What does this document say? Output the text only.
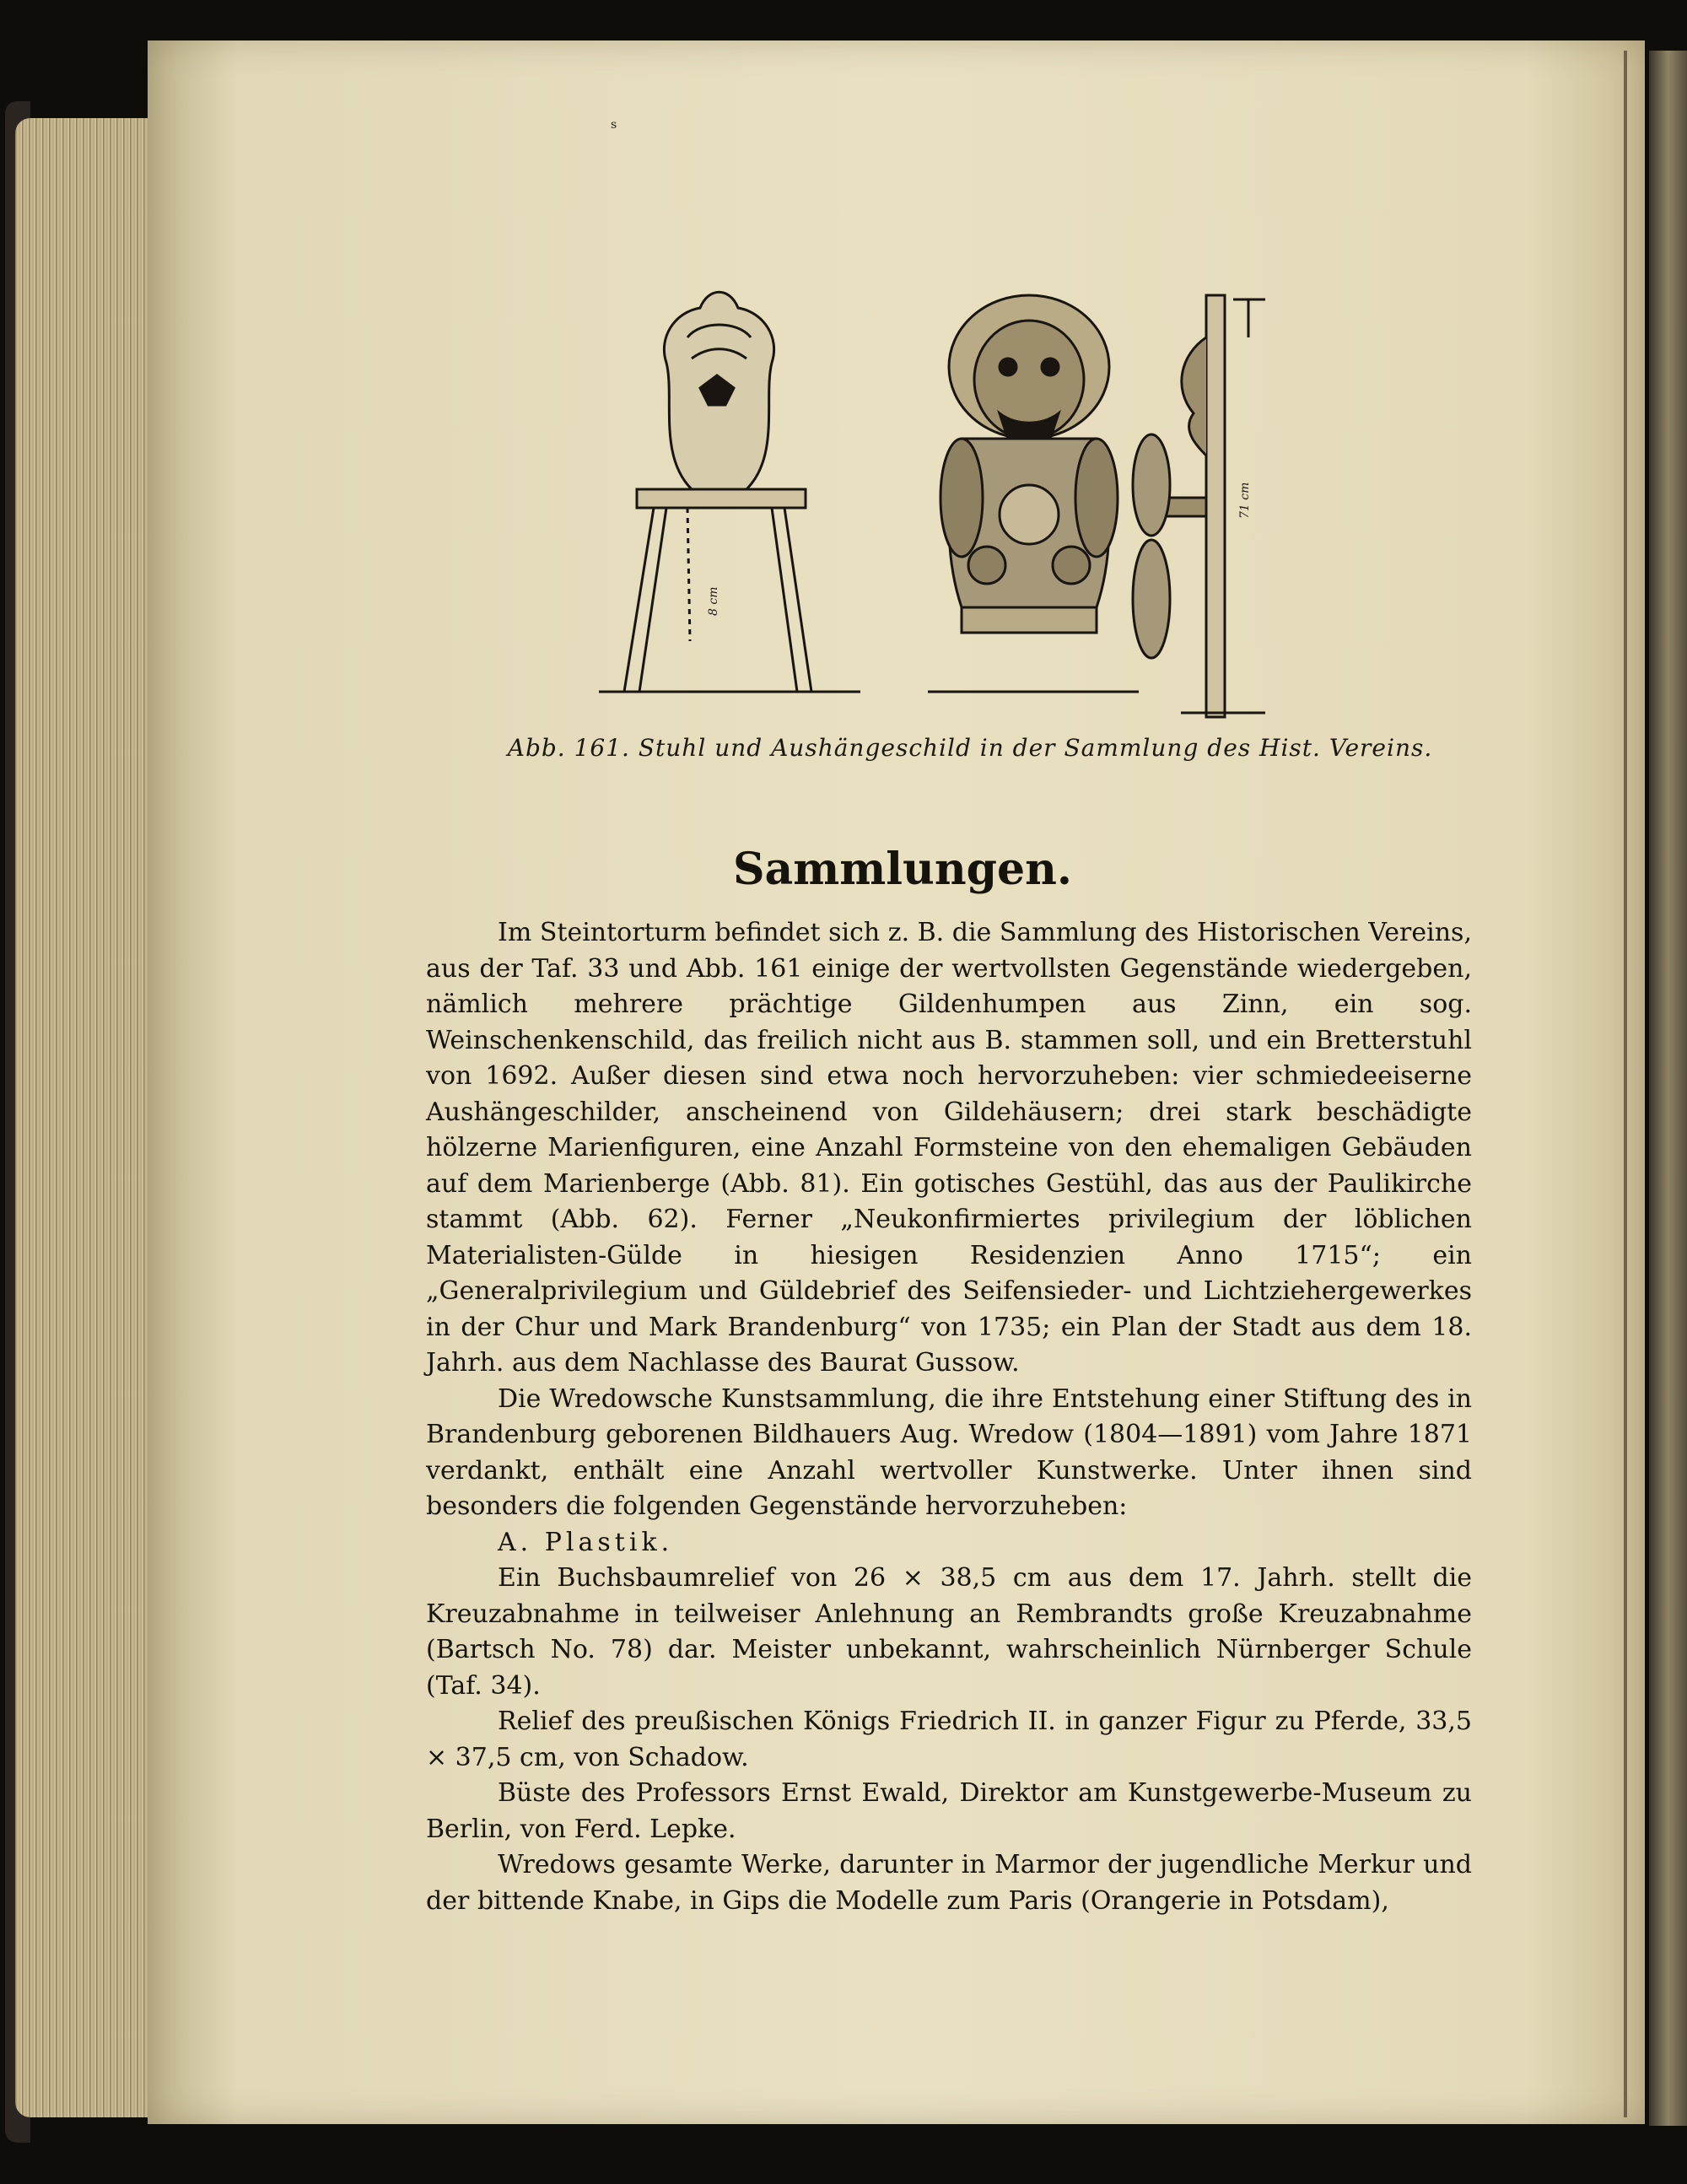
s
8 cm
71 cm
Abb. 161. Stuhl und Aushängeschild in der Sammlung des Hist. Vereins.
Sammlungen.

Im Steintorturm befindet sich z. B. die Sammlung des Historischen Vereins, aus der Taf. 33 und Abb. 161 einige der wertvollsten Gegenstände wiedergeben, nämlich mehrere prächtige Gildenhumpen aus Zinn, ein sog. Weinschenkenschild, das freilich nicht aus B. stammen soll, und ein Bretterstuhl von 1692. Außer diesen sind etwa noch hervorzuheben: vier schmiedeeiserne Aushängeschilder, anscheinend von Gildehäusern; drei stark beschädigte hölzerne Marienfiguren, eine Anzahl Formsteine von den ehemaligen Gebäuden auf dem Marienberge (Abb. 81). Ein gotisches Gestühl, das aus der Paulikirche stammt (Abb. 62). Ferner „Neukonfirmiertes privilegium der löblichen Materialisten-Gülde in hiesigen Residenzien Anno 1715“; ein „Generalprivilegium und Güldebrief des Seifensieder- und Lichtziehergewerkes in der Chur und Mark Brandenburg“ von 1735; ein Plan der Stadt aus dem 18. Jahrh. aus dem Nachlasse des Baurat Gussow.

Die Wredowsche Kunstsammlung, die ihre Entstehung einer Stiftung des in Brandenburg geborenen Bildhauers Aug. Wredow (1804—1891) vom Jahre 1871 verdankt, enthält eine Anzahl wertvoller Kunstwerke. Unter ihnen sind besonders die folgenden Gegenstände hervorzuheben:

A. Plastik.

Ein Buchsbaumrelief von 26 × 38,5 cm aus dem 17. Jahrh. stellt die Kreuzabnahme in teilweiser Anlehnung an Rembrandts große Kreuzabnahme (Bartsch No. 78) dar. Meister unbekannt, wahrscheinlich Nürnberger Schule (Taf. 34).

Relief des preußischen Königs Friedrich II. in ganzer Figur zu Pferde, 33,5 × 37,5 cm, von Schadow.

Büste des Professors Ernst Ewald, Direktor am Kunstgewerbe-Museum zu Berlin, von Ferd. Lepke.

Wredows gesamte Werke, darunter in Marmor der jugendliche Merkur und der bittende Knabe, in Gips die Modelle zum Paris (Orangerie in Potsdam),
